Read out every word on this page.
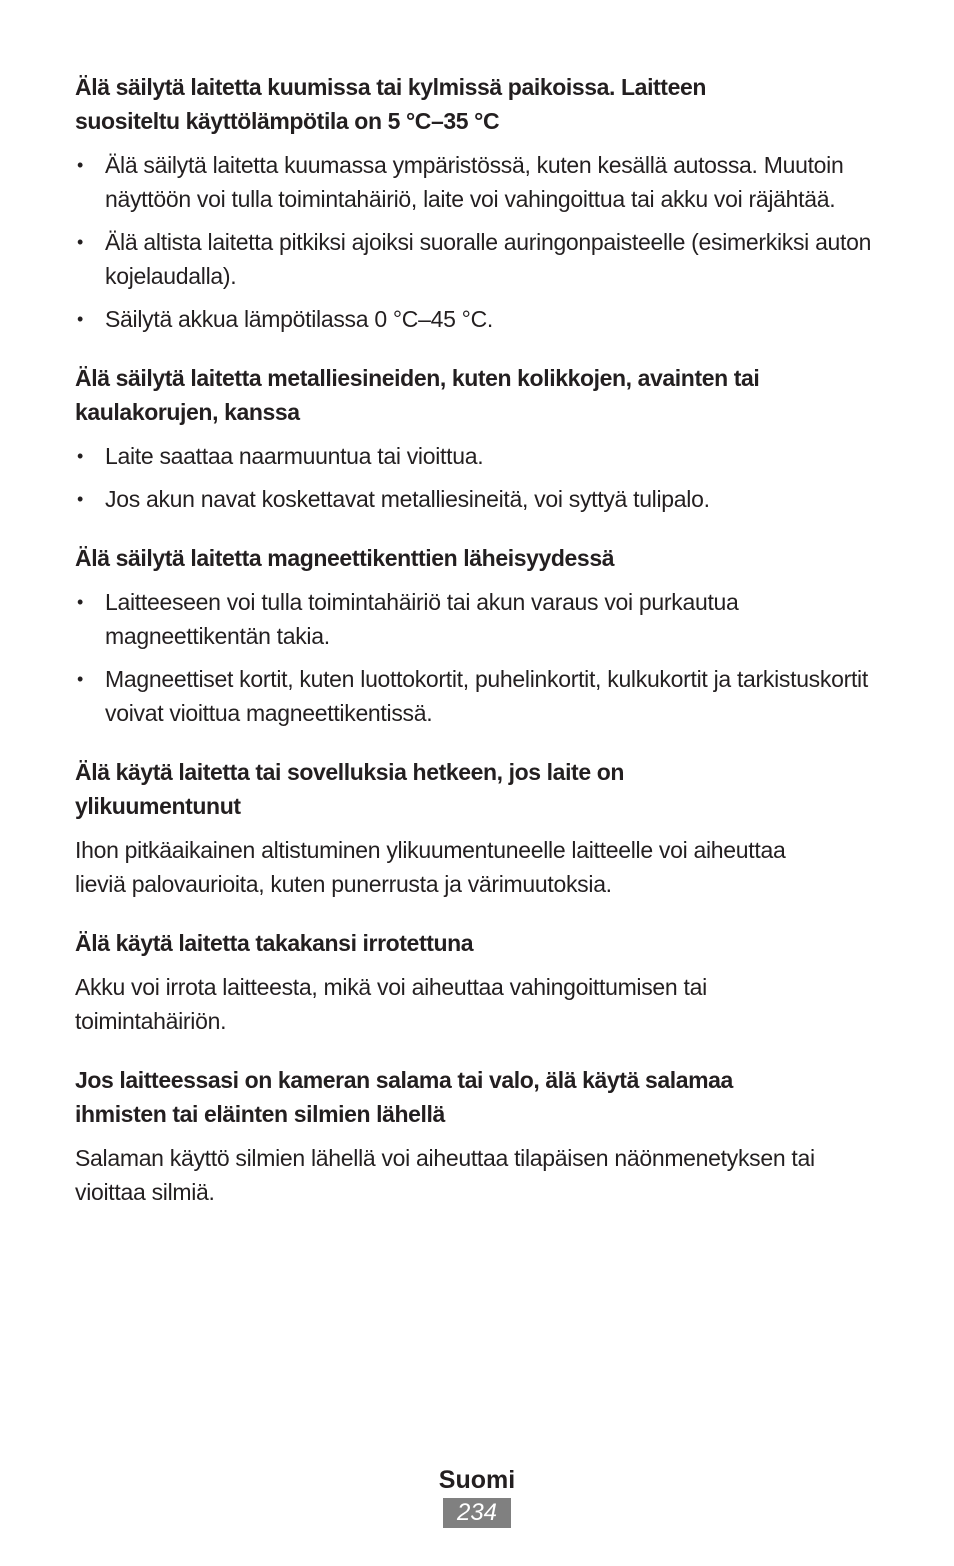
Älä säilytä laitetta kuumissa tai kylmissä paikoissa. Laitteen suositeltu käyttölämpötila on 5 °C–35 °C

• Älä säilytä laitetta kuumassa ympäristössä, kuten kesällä autossa. Muutoin näyttöön voi tulla toimintahäiriö, laite voi vahingoittua tai akku voi räjähtää.
• Älä altista laitetta pitkiksi ajoiksi suoralle auringonpaisteelle (esimerkiksi auton kojelaudalla).
• Säilytä akkua lämpötilassa 0 °C–45 °C.

Älä säilytä laitetta metalliesineiden, kuten kolikkojen, avainten tai kaulakorujen, kanssa

• Laite saattaa naarmuuntua tai vioittua.
• Jos akun navat koskettavat metalliesineitä, voi syttyä tulipalo.

Älä säilytä laitetta magneettikenttien läheisyydessä

• Laitteeseen voi tulla toimintahäiriö tai akun varaus voi purkautua magneettikentän takia.
• Magneettiset kortit, kuten luottokortit, puhelinkortit, kulkukortit ja tarkistuskortit voivat vioittua magneettikentissä.

Älä käytä laitetta tai sovelluksia hetkeen, jos laite on ylikuumentunut

Ihon pitkäaikainen altistuminen ylikuumentuneelle laitteelle voi aiheuttaa lieviä palovaurioita, kuten punerrusta ja värimuutoksia.

Älä käytä laitetta takakansi irrotettuna

Akku voi irrota laitteesta, mikä voi aiheuttaa vahingoittumisen tai toimintahäiriön.

Jos laitteessasi on kameran salama tai valo, älä käytä salamaa ihmisten tai eläinten silmien lähellä

Salaman käyttö silmien lähellä voi aiheuttaa tilapäisen näönmenetyksen tai vioittaa silmiä.

Suomi
234
